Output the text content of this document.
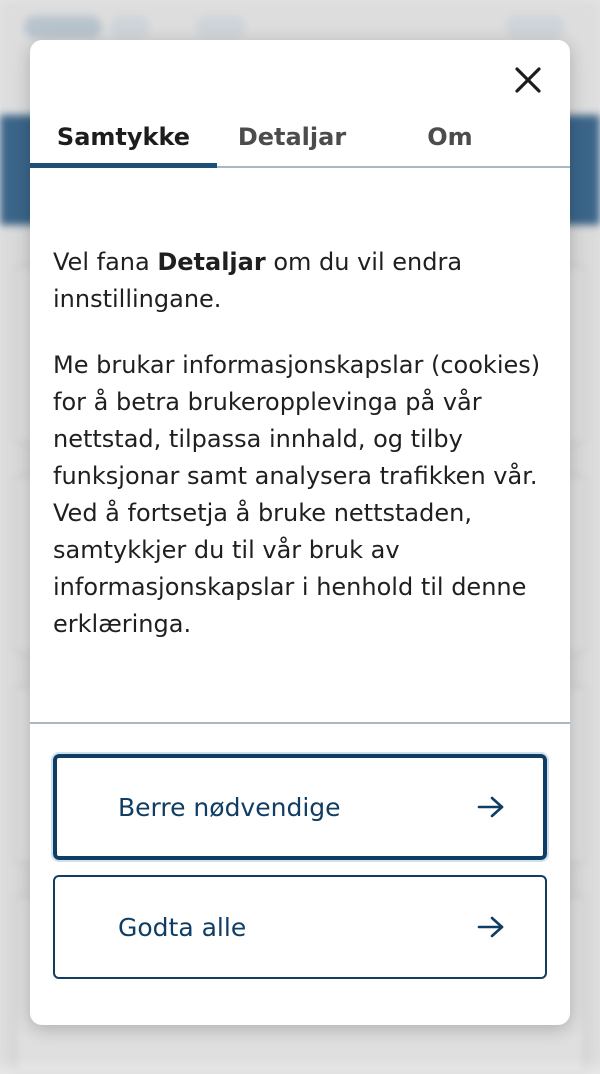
Samtykke Detaljar	Om

Vel fana Detaljar om du vil endra innstillingane.

Me brukar informasjonskapslar (cookies) for å betra brukeropplevinga på vår nettstad, tilpassa innhald, og tilby funksjonar samt analysera trafikken vår. Ved å fortsetja å bruke nettstaden, samtykkjer du til vår bruk av informasjonskapslar i henhold til denne erklæringa.

Berre nødvendige
Godta alle
